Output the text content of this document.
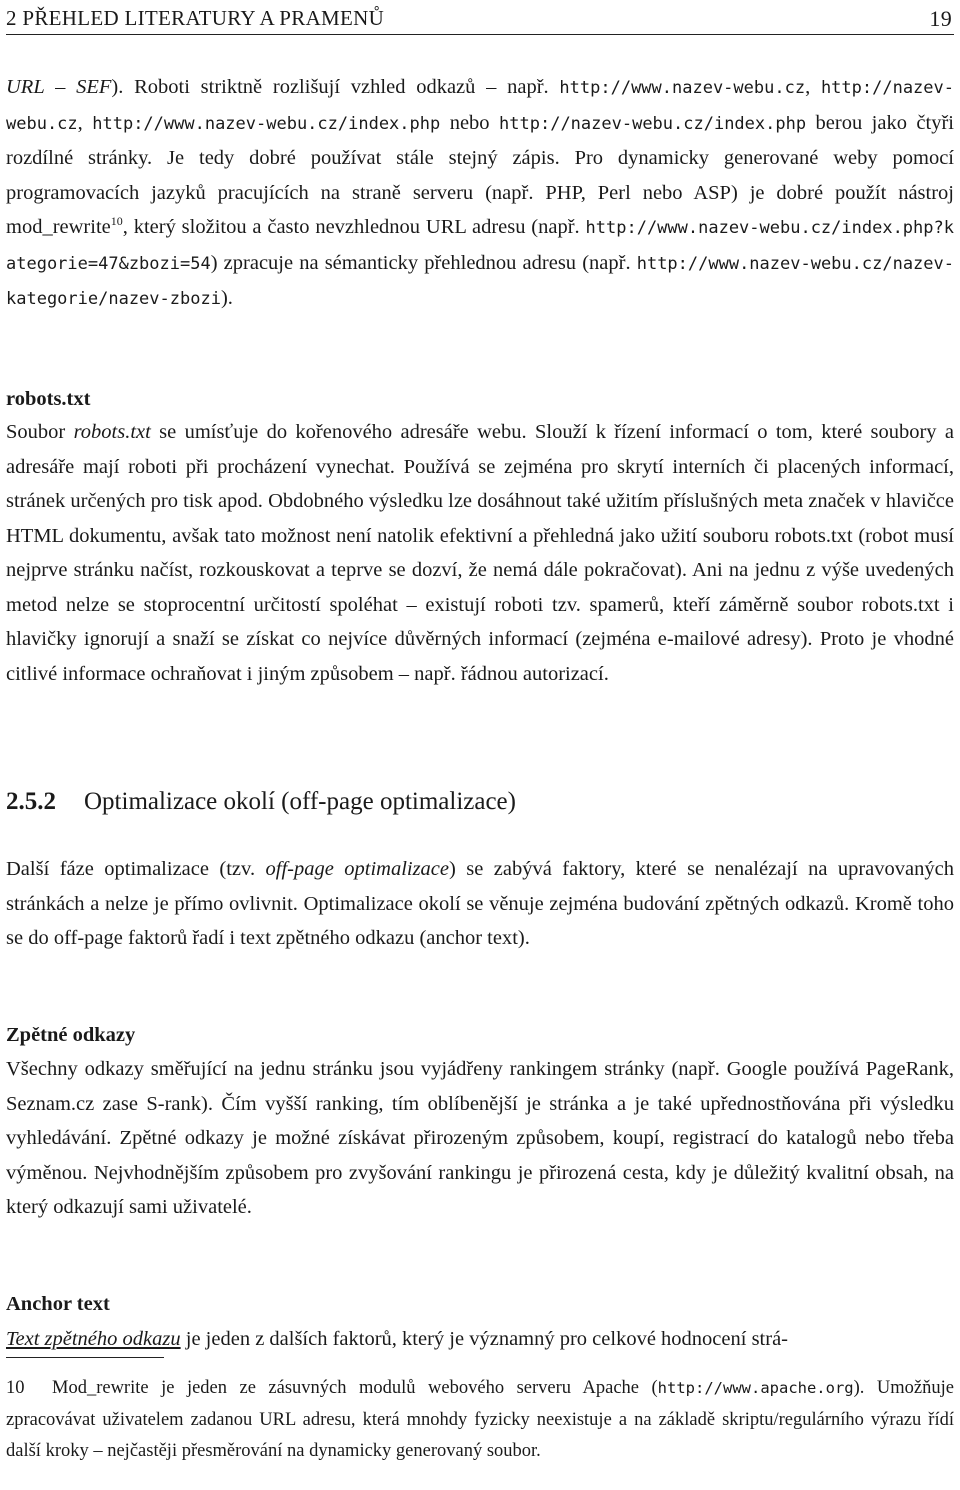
2 PŘEHLED LITERATURY A PRAMENŮ	19

URL – SEF). Roboti striktně rozlišují vzhled odkazů – např. http://www.nazev-webu.cz, http://nazev-webu.cz, http://www.nazev-webu.cz/index.php nebo http://nazev-webu.cz/index.php berou jako čtyři rozdílné stránky. Je tedy dobré používat stále stejný zápis. Pro dynamicky generované weby pomocí programovacích jazyků pracujících na straně serveru (např. PHP, Perl nebo ASP) je dobré použít nástroj mod_rewrite$^{10}$, který složitou a často nevzhlednou URL adresu (např. http://www.nazev-webu.cz/index.php?kategorie=47&zbozi=54) zpracuje na sémanticky přehlednou adresu (např. http://www.nazev-webu.cz/nazev-kategorie/nazev-zbozi).

robots.txt

Soubor robots.txt se umísťuje do kořenového adresáře webu. Slouží k řízení informací o tom, které soubory a adresáře mají roboti při procházení vynechat. Používá se zejména pro skrytí interních či placených informací, stránek určených pro tisk apod. Obdobného výsledku lze dosáhnout také užitím příslušných meta značek v hlavičce HTML dokumentu, avšak tato možnost není natolik efektivní a přehledná jako užití souboru robots.txt (robot musí nejprve stránku načíst, rozkouskovat a teprve se dozví, že nemá dále pokračovat). Ani na jednu z výše uvedených metod nelze se stoprocentní určitostí spoléhat – existují roboti tzv. spamerů, kteří záměrně soubor robots.txt i hlavičky ignorují a snaží se získat co nejvíce důvěrných informací (zejména e-mailové adresy). Proto je vhodné citlivé informace ochraňovat i jiným způsobem – např. řádnou autorizací.

2.5.2 Optimalizace okolí (off-page optimalizace)

Další fáze optimalizace (tzv. off-page optimalizace) se zabývá faktory, které se nenalézají na upravovaných stránkách a nelze je přímo ovlivnit. Optimalizace okolí se věnuje zejména budování zpětných odkazů. Kromě toho se do off-page faktorů řadí i text zpětného odkazu (anchor text).

Zpětné odkazy

Všechny odkazy směřující na jednu stránku jsou vyjádřeny rankingem stránky (např. Google používá PageRank, Seznam.cz zase S-rank). Čím vyšší ranking, tím oblíbenější je stránka a je také upřednostňována při výsledku vyhledávání. Zpětné odkazy je možné získávat přirozeným způsobem, koupí, registrací do katalogů nebo třeba výměnou. Nejvhodnějším způsobem pro zvyšování rankingu je přirozená cesta, kdy je důležitý kvalitní obsah, na který odkazují sami uživatelé.

Anchor text

Text zpětného odkazu je jeden z dalších faktorů, který je významný pro celkové hodnocení strá-

10 Mod_rewrite je jeden ze zásuvných modulů webového serveru Apache (http://www.apache.org). Umožňuje zpracovávat uživatelem zadanou URL adresu, která mnohdy fyzicky neexistuje a na základě skriptu/regulárního výrazu řídí další kroky – nejčastěji přesměrování na dynamicky generovaný soubor.
